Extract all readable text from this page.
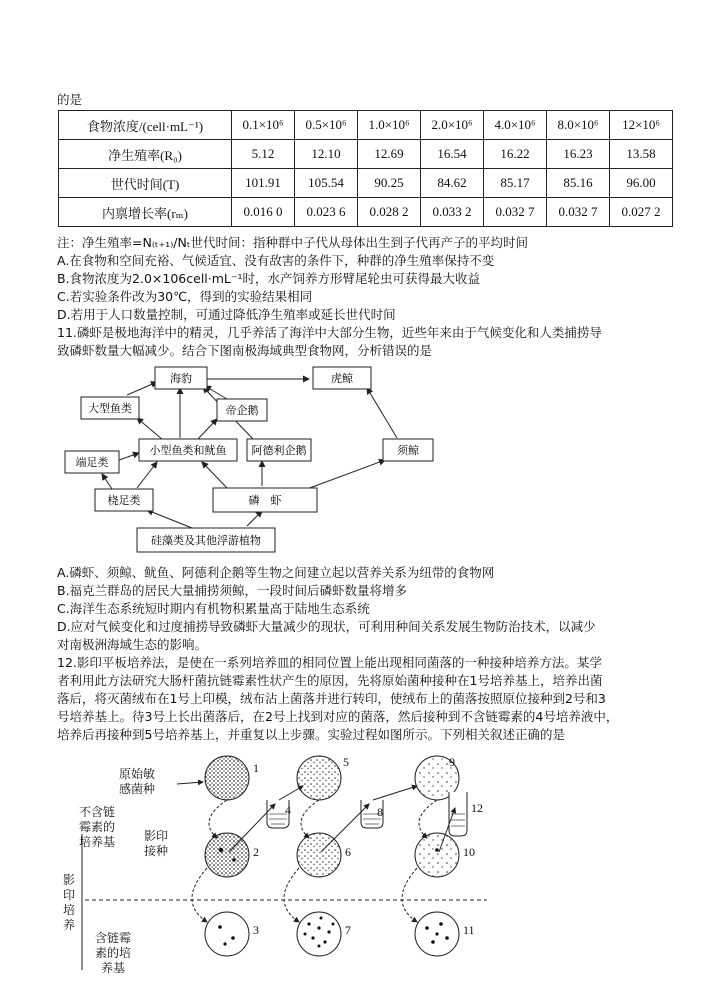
的是
食物浓度/(cell·mL⁻¹)	0.1×10⁶	0.5×10⁶	1.0×10⁶	2.0×10⁶	4.0×10⁶	8.0×10⁶	12×10⁶
净生殖率(R₀)	5.12	12.10	12.69	16.54	16.22	16.23	13.58
世代时间(T)	101.91	105.54	90.25	84.62	85.17	85.16	96.00
内禀增长率(rₘ)	0.016 0	0.023 6	0.028 2	0.033 2	0.032 7	0.032 7	0.027 2
注：净生殖率=N₍ₜ₊₁₎/Nₜ世代时间：指种群中子代从母体出生到子代再产子的平均时间
A.在食物和空间充裕、气候适宜、没有敌害的条件下，种群的净生殖率保持不变
B.食物浓度为2.0×106cell·mL⁻¹时，水产饲养方形臂尾轮虫可获得最大收益
C.若实验条件改为30℃，得到的实验结果相同
D.若用于人口数量控制，可通过降低净生殖率或延长世代时间
11.磷虾是极地海洋中的精灵，几乎养活了海洋中大部分生物，近些年来由于气候变化和人类捕捞导
致磷虾数量大幅减少。结合下图南极海域典型食物网，分析错误的是
海豹	虎鲸
大型鱼类	帝企鹅
小型鱼类和鱿鱼 阿德利企鹅	须鲸
端足类
桡足类	磷　虾
硅藻类及其他浮游植物
A.磷虾、须鲸、鱿鱼、阿德利企鹅等生物之间建立起以营养关系为纽带的食物网
B.福克兰群岛的居民大量捕捞须鲸，一段时间后磷虾数量将增多
C.海洋生态系统短时期内有机物积累量高于陆地生态系统
D.应对气候变化和过度捕捞导致磷虾大量减少的现状，可利用种间关系发展生物防治技术，以减少
对南极洲海域生态的影响。
12.影印平板培养法，是使在一系列培养皿的相同位置上能出现相同菌落的一种接种培养方法。某学
者利用此方法研究大肠杆菌抗链霉素性状产生的原因，先将原始菌种接种在1号培养基上，培养出菌
落后，将灭菌绒布在1号上印模，绒布沾上菌落并进行转印，使绒布上的菌落按照原位接种到2号和3
号培养基上。待3号上长出菌落后，在2号上找到对应的菌落，然后接种到不含链霉素的4号培养液中，
培养后再接种到5号培养基上，并重复以上步骤。实验过程如图所示。下列相关叙述正确的是
原始敏
感菌种
不含链
霉素的
培养基 影印
接种
影
印
培
养
含链霉
素的培
养基
1
2
3
4
5
6
7
8
9
10
11
12
